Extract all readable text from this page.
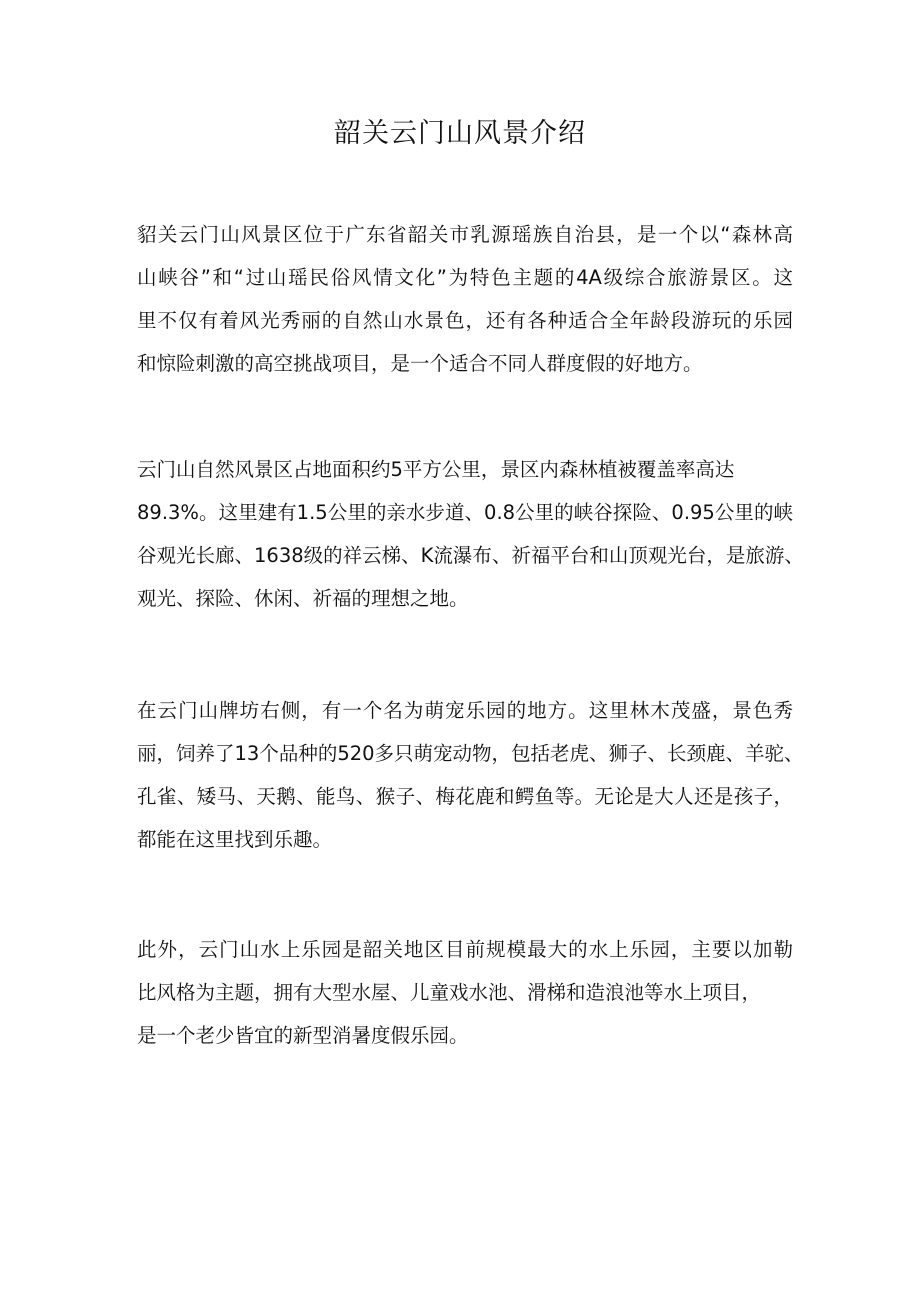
韶关云门山风景介绍
貂关云门山风景区位于广东省韶关市乳源瑶族自治县，是一个以“森林高
山峡谷”和“过山瑶民俗风情文化”为特色主题的4A级综合旅游景区。这
里不仅有着风光秀丽的自然山水景色，还有各种适合全年龄段游玩的乐园
和惊险刺激的高空挑战项目，是一个适合不同人群度假的好地方。
云门山自然风景区占地面积约5平方公里，景区内森林植被覆盖率高达
89.3%。这里建有1.5公里的亲水步道、0.8公里的峡谷探险、0.95公里的峡
谷观光长廊、1638级的祥云梯、K流瀑布、祈福平台和山顶观光台，是旅游、
观光、探险、休闲、祈福的理想之地。
在云门山牌坊右侧，有一个名为萌宠乐园的地方。这里林木茂盛，景色秀
丽，饲养了13个品种的520多只萌宠动物，包括老虎、狮子、长颈鹿、羊驼、
孔雀、矮马、天鹅、能鸟、猴子、梅花鹿和鳄鱼等。无论是大人还是孩子，
都能在这里找到乐趣。
此外，云门山水上乐园是韶关地区目前规模最大的水上乐园，主要以加勒
比风格为主题，拥有大型水屋、儿童戏水池、滑梯和造浪池等水上项目，
是一个老少皆宜的新型消暑度假乐园。
